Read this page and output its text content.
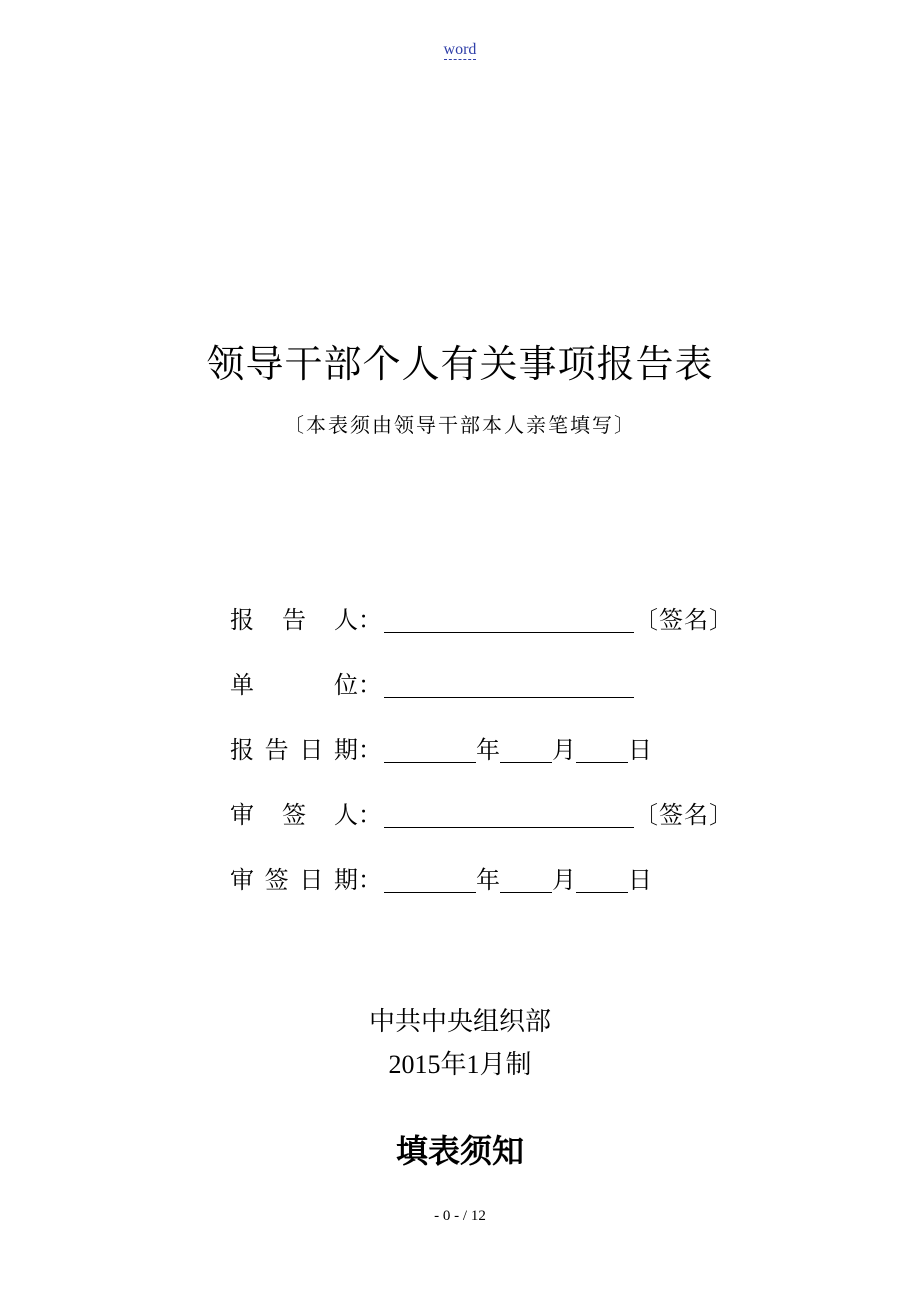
word
领导干部个人有关事项报告表
〔本表须由领导干部本人亲笔填写〕
报 告 人：	〔签名〕
单 位：
报告日期：	年 月 日
审 签 人：	〔签名〕
审签日期：	年 月 日
中共中央组织部
2015年1月制
填表须知
- 0 - / 12
